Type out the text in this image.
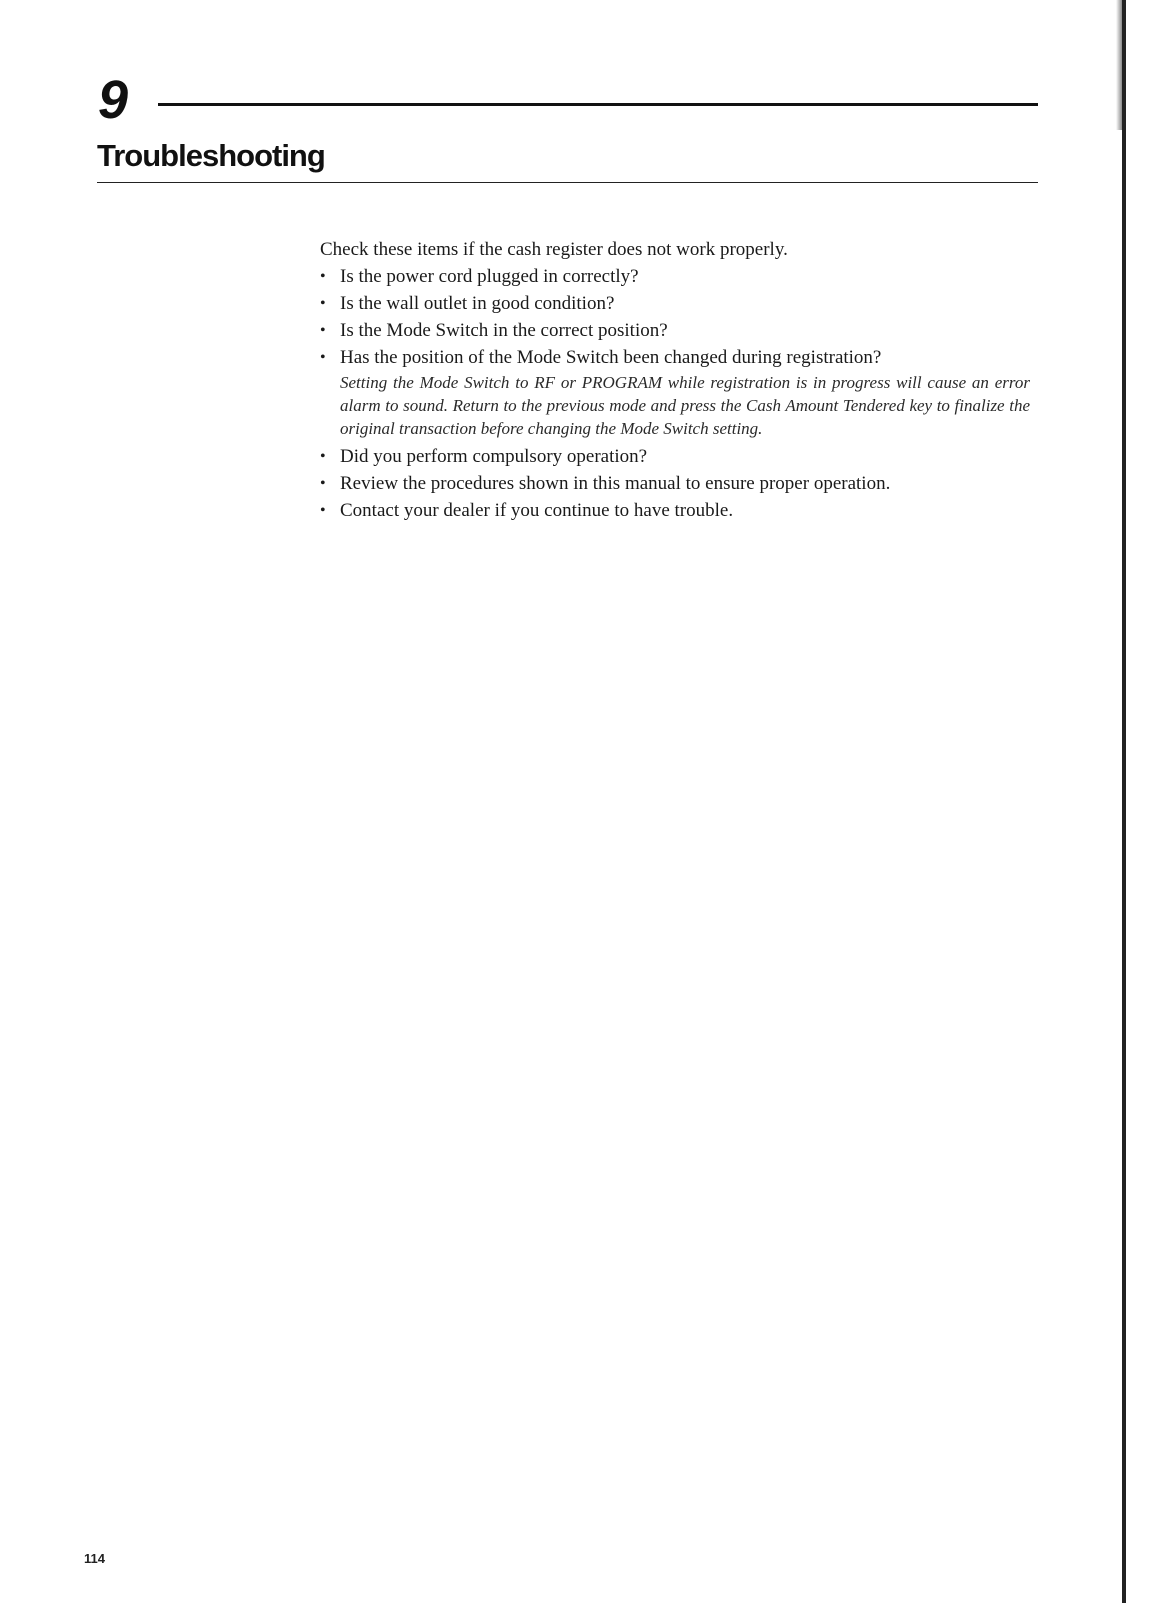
9
Troubleshooting

Check these items if the cash register does not work properly.

• Is the power cord plugged in correctly?
• Is the wall outlet in good condition?
• Is the Mode Switch in the correct position?
• Has the position of the Mode Switch been changed during registration?
Setting the Mode Switch to RF or PROGRAM while registration is in progress will cause an error alarm to sound. Return to the previous mode and press the Cash Amount Tendered key to finalize the original transaction before changing the Mode Switch setting.
• Did you perform compulsory operation?
• Review the procedures shown in this manual to ensure proper operation.
• Contact your dealer if you continue to have trouble.
114
